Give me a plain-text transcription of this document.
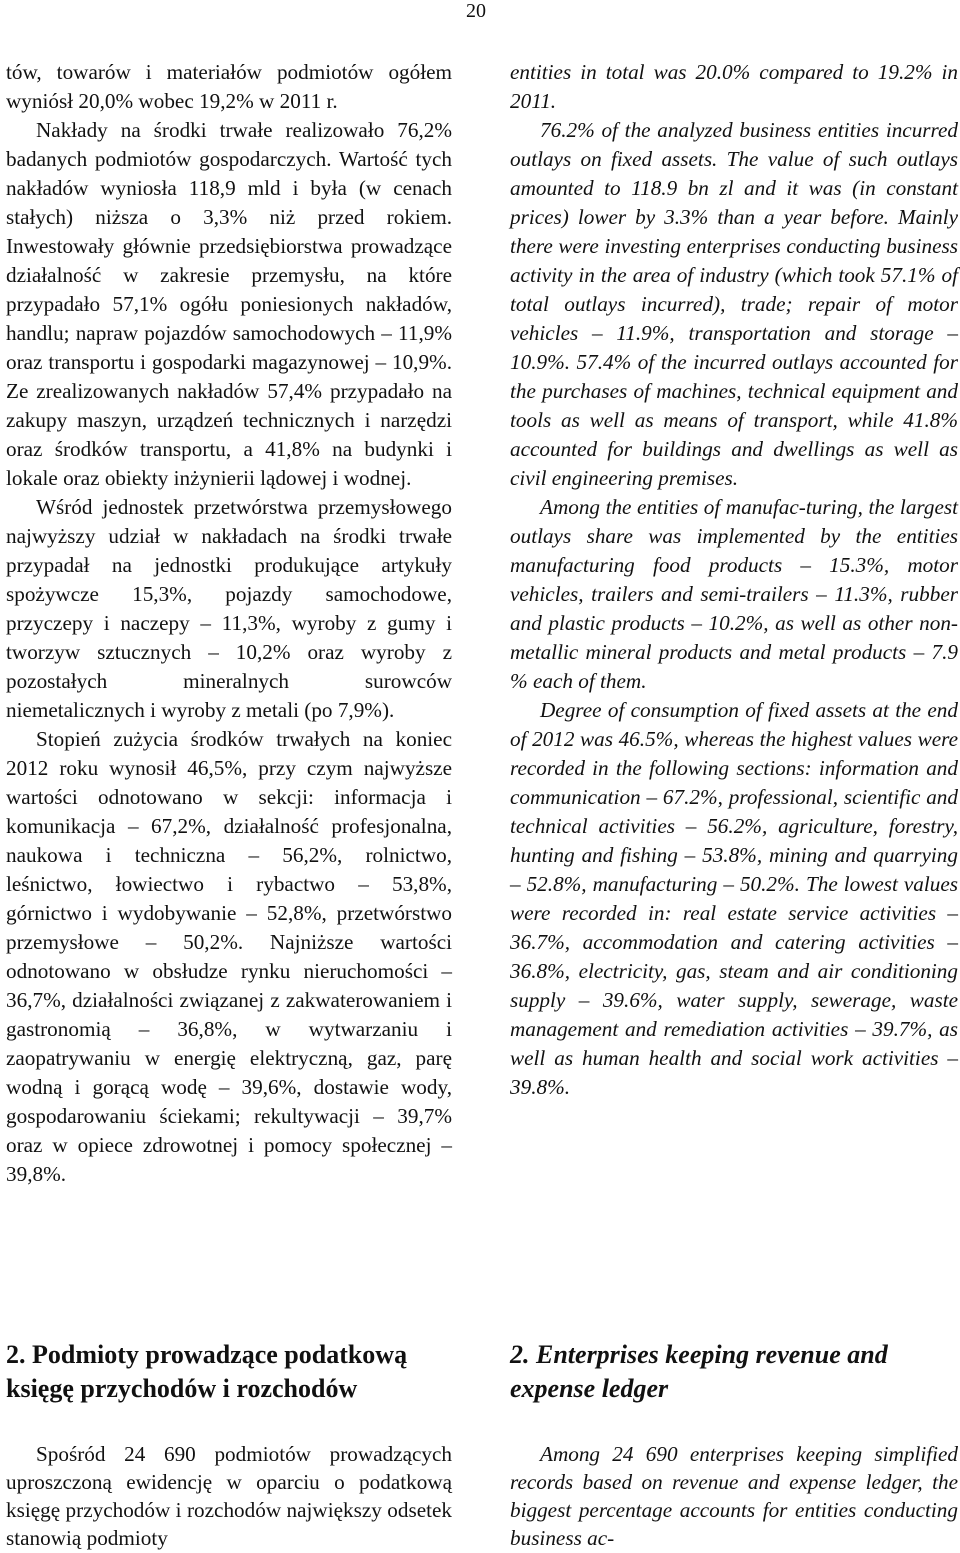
20

tów, towarów i materiałów podmiotów ogółem wyniósł 20,0% wobec 19,2% w 2011 r.

Nakłady na środki trwałe realizowało 76,2% badanych podmiotów gospodarczych. Wartość tych nakładów wyniosła 118,9 mld i była (w cenach stałych) niższa o 3,3% niż przed rokiem. Inwestowały głównie przedsiębiorstwa prowadzące działalność w zakresie przemysłu, na które przypadało 57,1% ogółu poniesionych nakładów, handlu; napraw pojazdów samochodowych – 11,9% oraz transportu i gospodarki magazynowej – 10,9%. Ze zrealizowanych nakładów 57,4% przypadało na zakupy maszyn, urządzeń technicznych i narzędzi oraz środków transportu, a 41,8% na budynki i lokale oraz obiekty inżynierii lądowej i wodnej.

Wśród jednostek przetwórstwa przemysłowego najwyższy udział w nakładach na środki trwałe przypadał na jednostki produkujące artykuły spożywcze 15,3%, pojazdy samochodowe, przyczepy i naczepy – 11,3%, wyroby z gumy i tworzyw sztucznych – 10,2% oraz wyroby z pozostałych mineralnych surowców niemetalicznych i wyroby z metali (po 7,9%).

Stopień zużycia środków trwałych na koniec 2012 roku wynosił 46,5%, przy czym najwyższe wartości odnotowano w sekcji: informacja i komunikacja – 67,2%, działalność profesjonalna, naukowa i techniczna – 56,2%, rolnictwo, leśnictwo, łowiectwo i rybactwo – 53,8%, górnictwo i wydobywanie – 52,8%, przetwórstwo przemysłowe – 50,2%. Najniższe wartości odnotowano w obsłudze rynku nieruchomości – 36,7%, działalności związanej z zakwaterowaniem i gastronomią – 36,8%, w wytwarzaniu i zaopatrywaniu w energię elektryczną, gaz, parę wodną i gorącą wodę – 39,6%, dostawie wody, gospodarowaniu ściekami; rekultywacji – 39,7% oraz w opiece zdrowotnej i pomocy społecznej – 39,8%.

entities in total was 20.0% compared to 19.2% in 2011.

76.2% of the analyzed business entities incurred outlays on fixed assets. The value of such outlays amounted to 118.9 bn zl and it was (in constant prices) lower by 3.3% than a year before. Mainly there were investing enterprises conducting business activity in the area of industry (which took 57.1% of total outlays incurred), trade; repair of motor vehicles – 11.9%, transportation and storage – 10.9%. 57.4% of the incurred outlays accounted for the purchases of machines, technical equipment and tools as well as means of transport, while 41.8% accounted for buildings and dwellings as well as civil engineering premises.

Among the entities of manufac-turing, the largest outlays share was implemented by the entities manufacturing food products – 15.3%, motor vehicles, trailers and semi-trailers – 11.3%, rubber and plastic products – 10.2%, as well as other non-metallic mineral products and metal products – 7.9 % each of them.

Degree of consumption of fixed assets at the end of 2012 was 46.5%, whereas the highest values were recorded in the following sections: information and communication – 67.2%, professional, scientific and technical activities – 56.2%, agriculture, forestry, hunting and fishing – 53.8%, mining and quarrying – 52.8%, manufacturing – 50.2%. The lowest values were recorded in: real estate service activities – 36.7%, accommodation and catering activities – 36.8%, electricity, gas, steam and air conditioning supply – 39.6%, water supply, sewerage, waste management and remediation activities – 39.7%, as well as human health and social work activities – 39.8%.

2. Podmioty prowadzące podatkową księgę przychodów i rozchodów
2. Enterprises keeping revenue and expense ledger

Spośród 24 690 podmiotów prowadzących uproszczoną ewidencję w oparciu o podatkową księgę przychodów i rozchodów największy odsetek stanowią podmioty

Among 24 690 enterprises keeping simplified records based on revenue and expense ledger, the biggest percentage accounts for entities conducting business ac-
